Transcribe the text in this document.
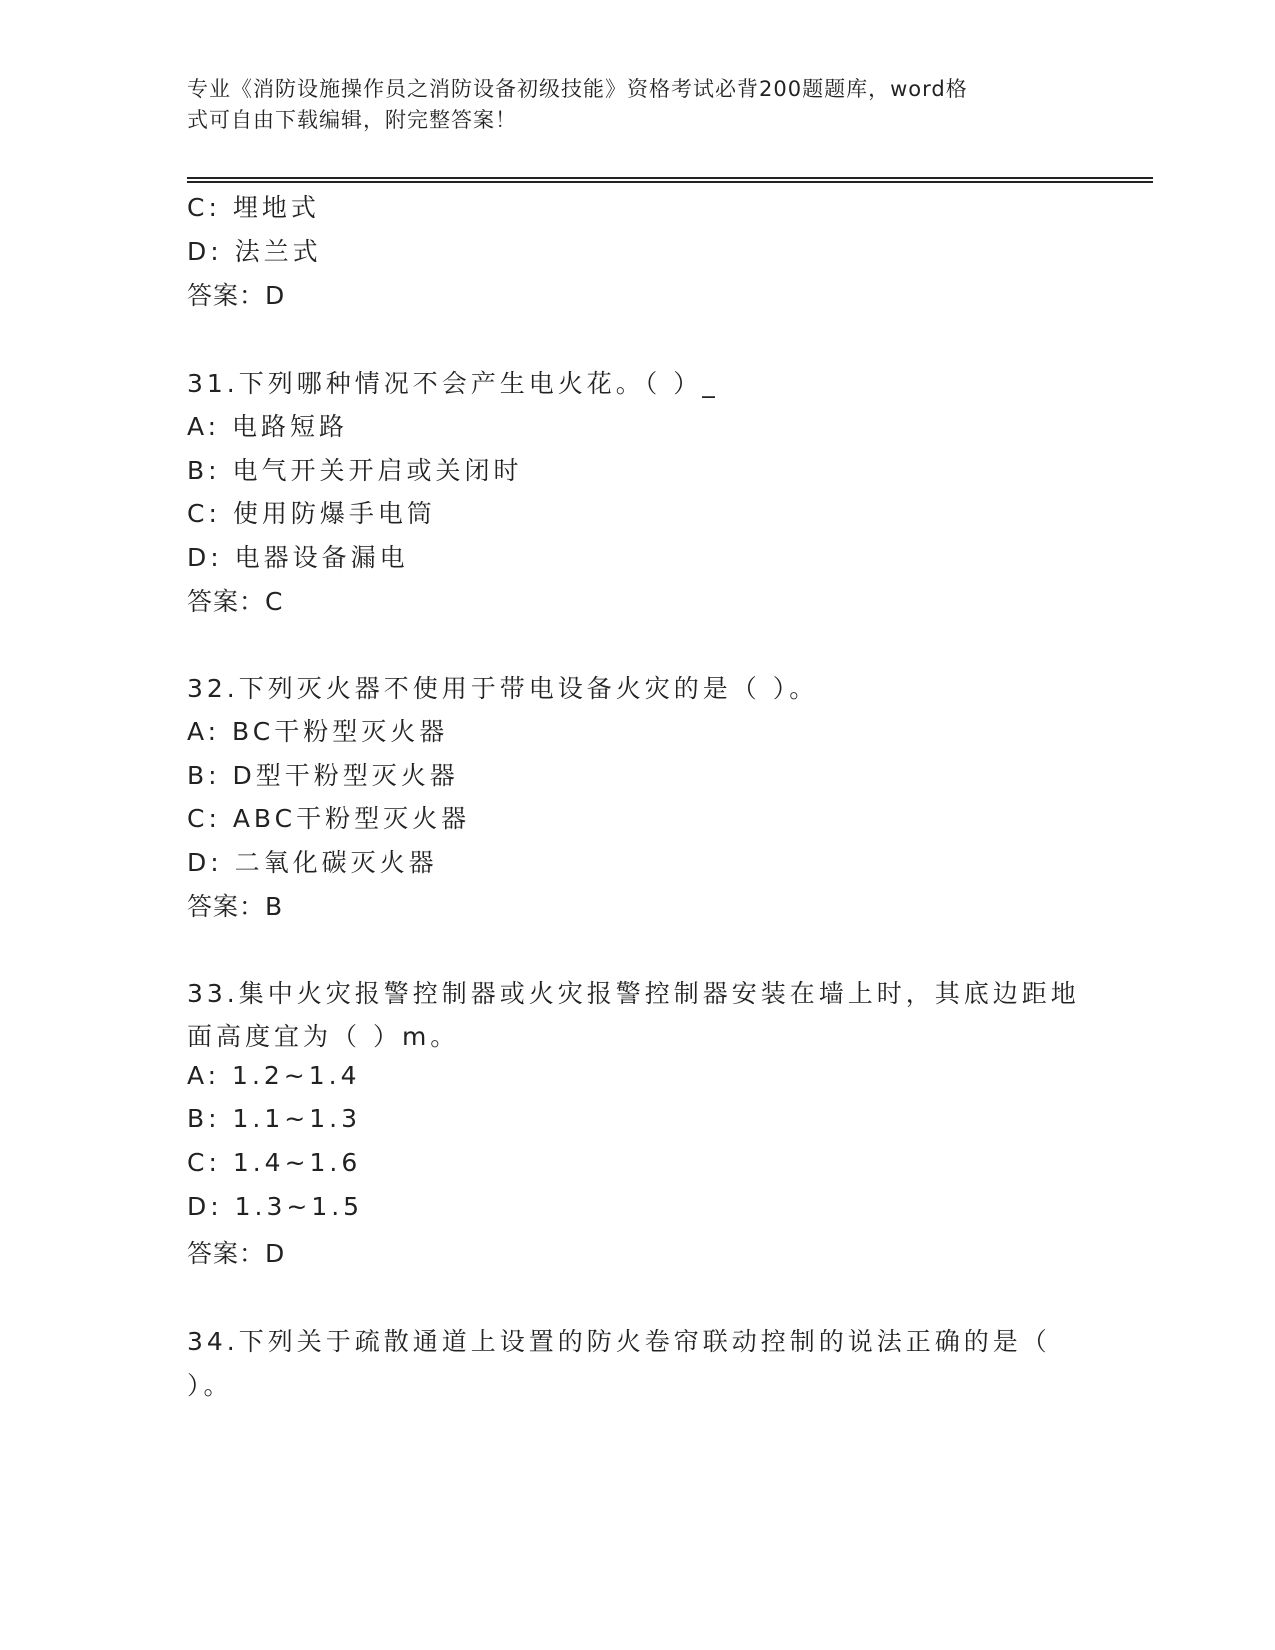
专业《消防设施操作员之消防设备初级技能》资格考试必背200题题库，word格
式可自由下载编辑，附完整答案！
C: 埋地式
D: 法兰式
答案：D
31.下列哪种情况不会产生电火花。（ ）_
A: 电路短路
B: 电气开关开启或关闭时
C: 使用防爆手电筒
D: 电器设备漏电
答案：C
32.下列灭火器不使用于带电设备火灾的是（ ）。
A: BC干粉型灭火器
B: D型干粉型灭火器
C: ABC干粉型灭火器
D: 二氧化碳灭火器
答案：B
33.集中火灾报警控制器或火灾报警控制器安装在墙上时，其底边距地
面高度宜为（ ）m。
A: 1.2~1.4
B: 1.1~1.3
C: 1.4~1.6
D: 1.3~1.5
答案：D
34.下列关于疏散通道上设置的防火卷帘联动控制的说法正确的是（
）。
